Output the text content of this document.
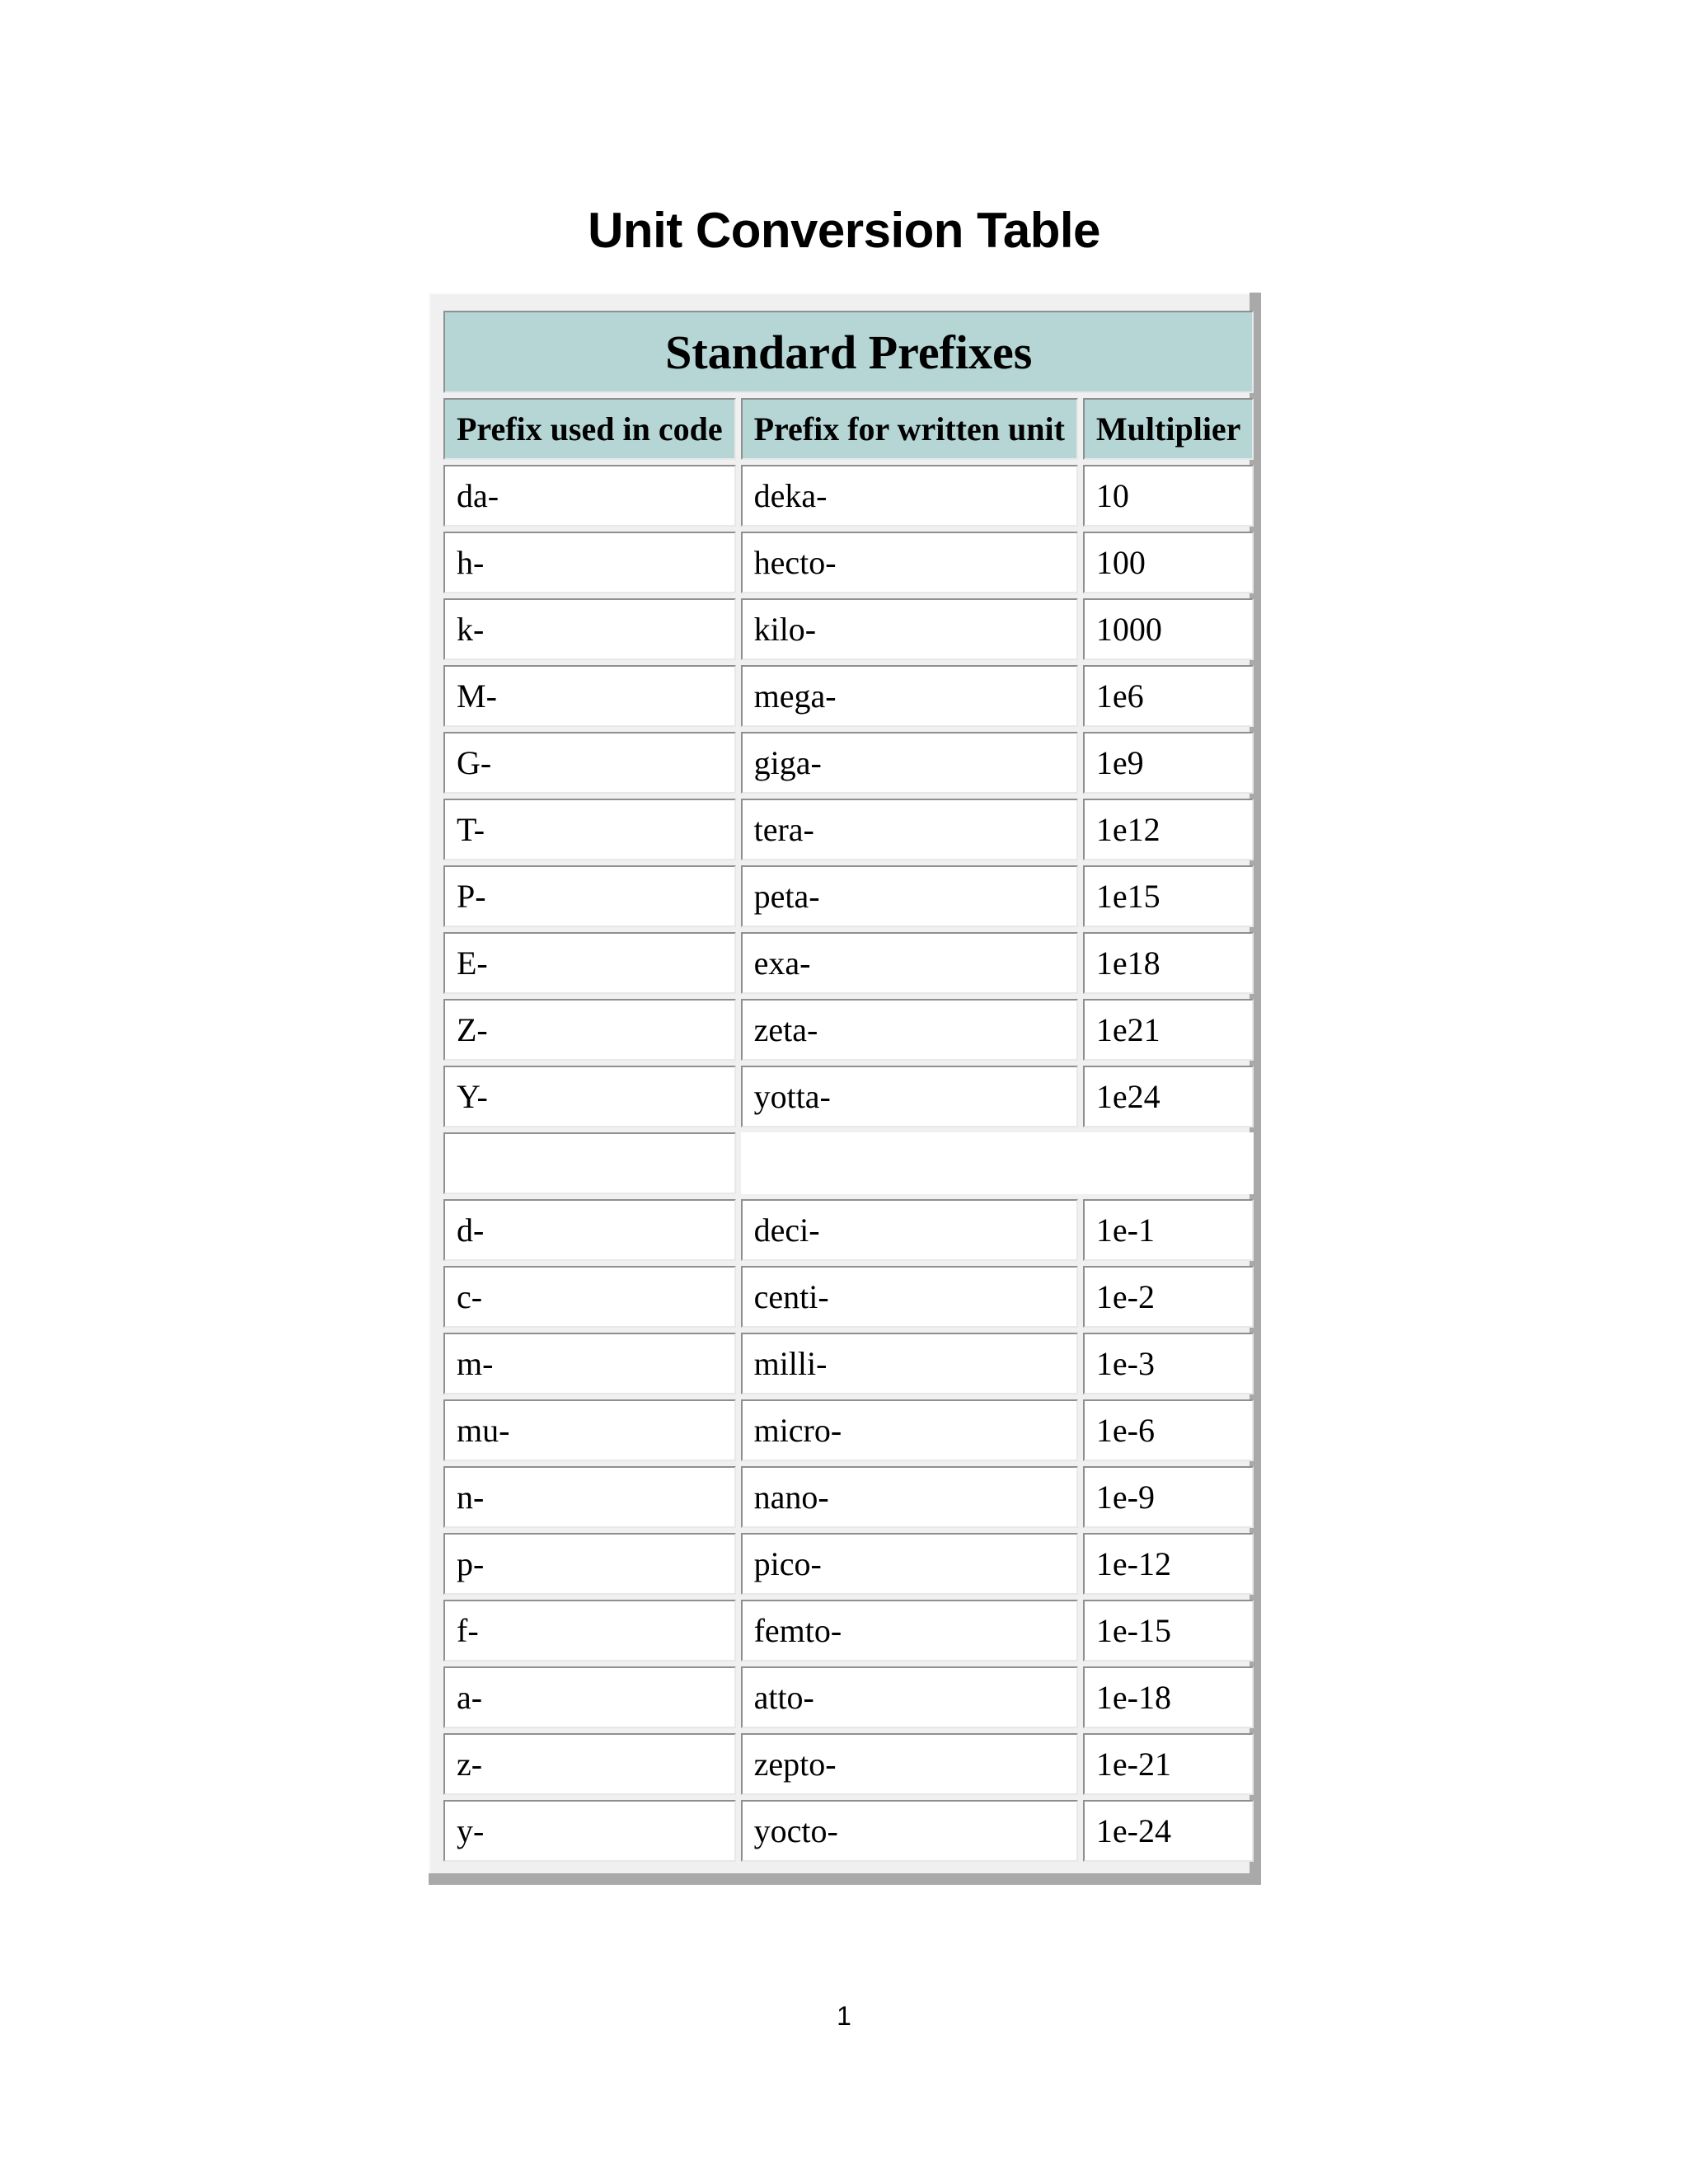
Unit Conversion Table
Standard Prefixes		
Prefix used in code	Prefix for written unit	Multiplier
da-	deka-	10
h-	hecto-	100
k-	kilo-	1000
M-	mega-	1e6
G-	giga-	1e9
T-	tera-	1e12
P-	peta-	1e15
E-	exa-	1e18
Z-	zeta-	1e21
Y-	yotta-	1e24

d-	deci-	1e-1
c-	centi-	1e-2
m-	milli-	1e-3
mu-	micro-	1e-6
n-	nano-	1e-9
p-	pico-	1e-12
f-	femto-	1e-15
a-	atto-	1e-18
z-	zepto-	1e-21
y-	yocto-	1e-24
1
